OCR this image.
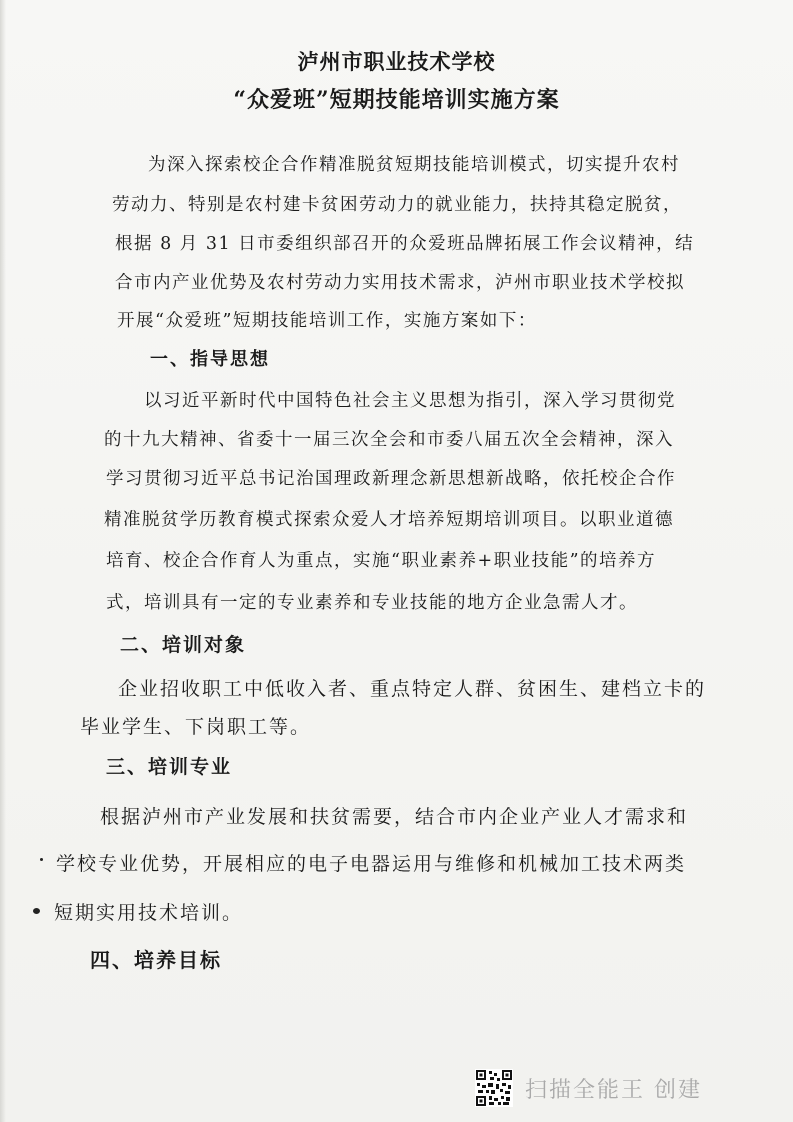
泸州市职业技术学校
“众爱班”短期技能培训实施方案
为深入探索校企合作精准脱贫短期技能培训模式，切实提升农村
劳动力、特别是农村建卡贫困劳动力的就业能力，扶持其稳定脱贫，
根据 8 月 31 日市委组织部召开的众爱班品牌拓展工作会议精神，结
合市内产业优势及农村劳动力实用技术需求，泸州市职业技术学校拟
开展“众爱班”短期技能培训工作，实施方案如下：
一、指导思想
以习近平新时代中国特色社会主义思想为指引，深入学习贯彻党
的十九大精神、省委十一届三次全会和市委八届五次全会精神，深入
学习贯彻习近平总书记治国理政新理念新思想新战略，依托校企合作
精准脱贫学历教育模式探索众爱人才培养短期培训项目。以职业道德
培育、校企合作育人为重点，实施“职业素养+职业技能”的培养方
式，培训具有一定的专业素养和专业技能的地方企业急需人才。
二、培训对象
企业招收职工中低收入者、重点特定人群、贫困生、建档立卡的
毕业学生、下岗职工等。
三、培训专业
根据泸州市产业发展和扶贫需要，结合市内企业产业人才需求和
学校专业优势，开展相应的电子电器运用与维修和机械加工技术两类
短期实用技术培训。
四、培养目标
扫描全能王 创建
